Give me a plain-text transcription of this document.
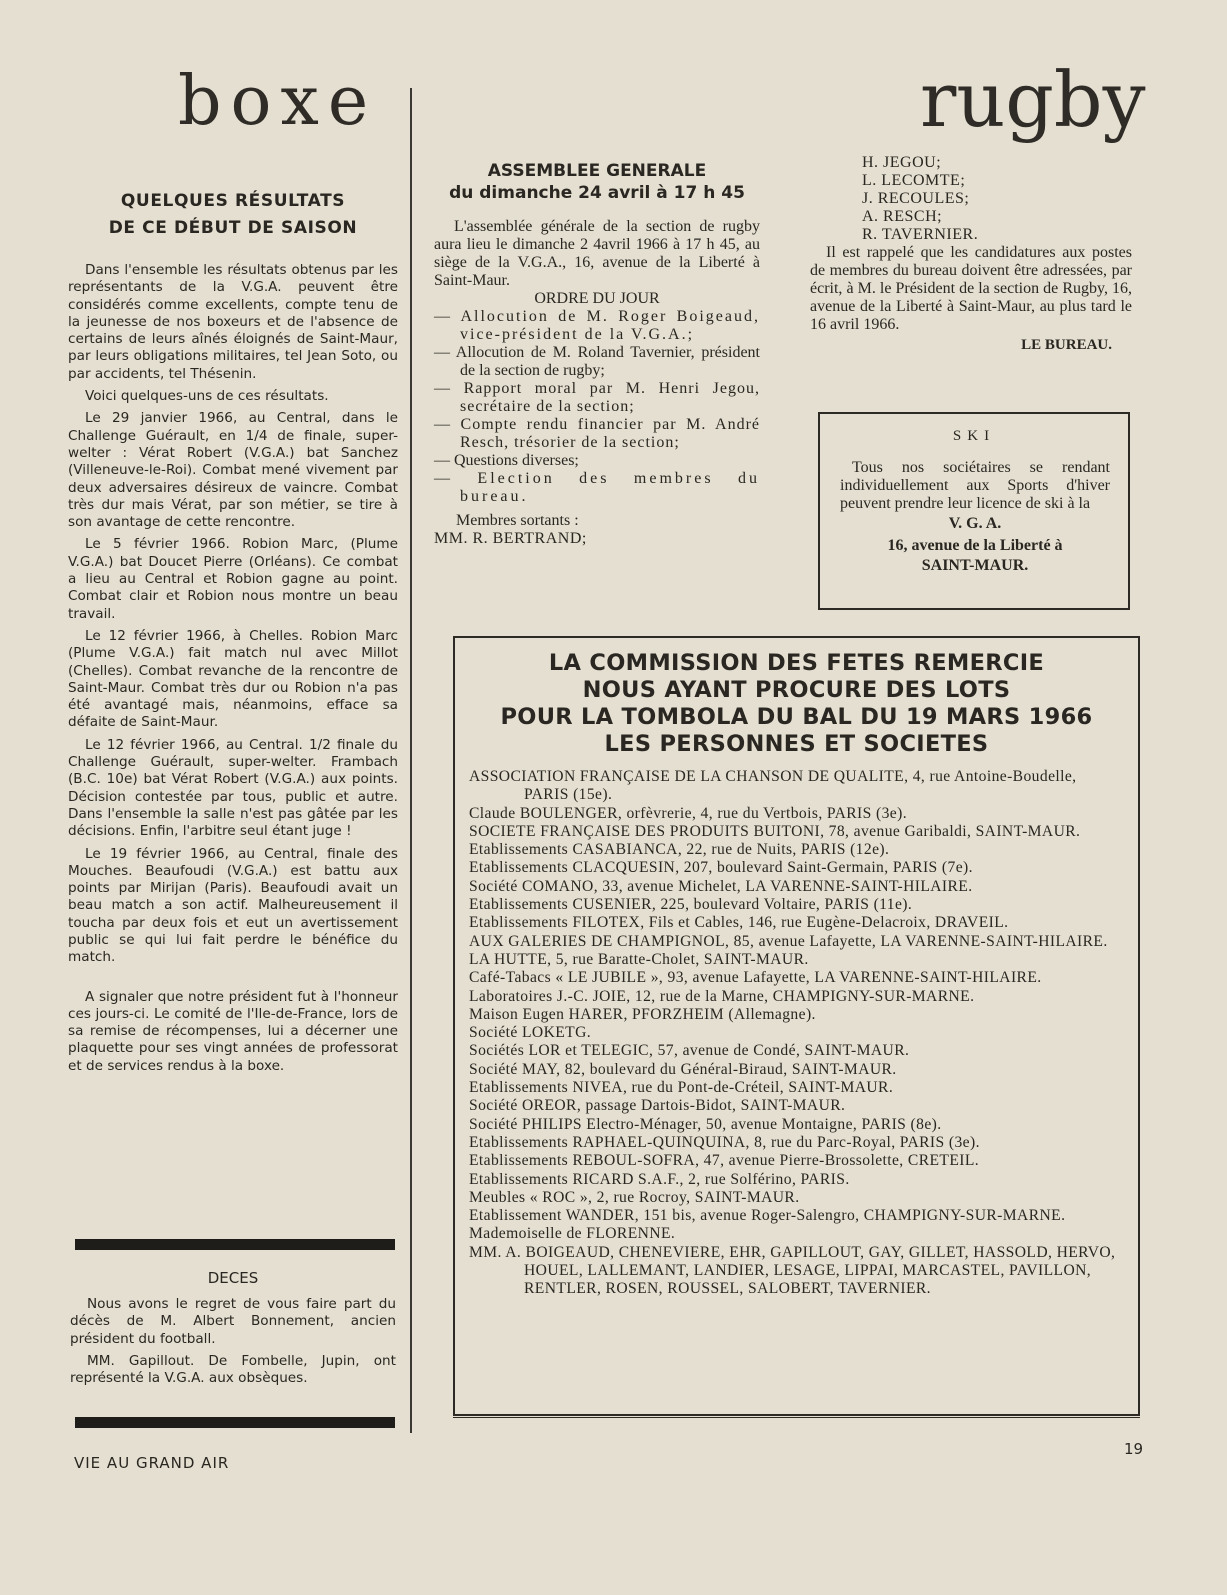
boxe	rugby
QUELQUES RÉSULTATS
DE CE DÉBUT DE SAISON

Dans l'ensemble les résultats obtenus par les représentants de la V.G.A. peuvent être considérés comme excellents, compte tenu de la jeunesse de nos boxeurs et de l'absence de certains de leurs aînés éloignés de Saint-Maur, par leurs obligations militaires, tel Jean Soto, ou par accidents, tel Thésenin.

Voici quelques-uns de ces résultats.

Le 29 janvier 1966, au Central, dans le Challenge Guérault, en 1/4 de finale, super-welter : Vérat Robert (V.G.A.) bat Sanchez (Villeneuve-le-Roi). Combat mené vivement par deux adversaires désireux de vaincre. Combat très dur mais Vérat, par son métier, se tire à son avantage de cette rencontre.

Le 5 février 1966. Robion Marc, (Plume V.G.A.) bat Doucet Pierre (Orléans). Ce combat a lieu au Central et Robion gagne au point. Combat clair et Robion nous montre un beau travail.

Le 12 février 1966, à Chelles. Robion Marc (Plume V.G.A.) fait match nul avec Millot (Chelles). Combat revanche de la rencontre de Saint-Maur. Combat très dur ou Robion n'a pas été avantagé mais, néanmoins, efface sa défaite de Saint-Maur.

Le 12 février 1966, au Central. 1/2 finale du Challenge Guérault, super-welter. Frambach (B.C. 10e) bat Vérat Robert (V.G.A.) aux points. Décision contestée par tous, public et autre. Dans l'ensemble la salle n'est pas gâtée par les décisions. Enfin, l'arbitre seul étant juge !

Le 19 février 1966, au Central, finale des Mouches. Beaufoudi (V.G.A.) est battu aux points par Mirijan (Paris). Beaufoudi avait un beau match a son actif. Malheureusement il toucha par deux fois et eut un avertissement public se qui lui fait perdre le bénéfice du match.

A signaler que notre président fut à l'honneur ces jours-ci. Le comité de l'Ile-de-France, lors de sa remise de récompenses, lui a décerner une plaquette pour ses vingt années de professorat et de services rendus à la boxe.

DECES

Nous avons le regret de vous faire part du décès de M. Albert Bonnement, ancien président du football.

MM. Gapillout. De Fombelle, Jupin, ont représenté la V.G.A. aux obsèques.

VIE AU GRAND AIR
19
ASSEMBLEE GENERALE
du dimanche 24 avril à 17 h 45

L'assemblée générale de la section de rugby aura lieu le dimanche 2 4avril 1966 à 17 h 45, au siège de la V.G.A., 16, avenue de la Liberté à Saint-Maur.

ORDRE DU JOUR
— Allocution de M. Roger Boigeaud, vice-président de la V.G.A.;
— Allocution de M. Roland Tavernier, président de la section de rugby;
— Rapport moral par M. Henri Jegou, secrétaire de la section;
— Compte rendu financier par M. André Resch, trésorier de la section;
— Questions diverses;
— Election des membres du bureau.
Membres sortants :
MM. R. BERTRAND;
H. JEGOU;
L. LECOMTE;
J. RECOULES;
A. RESCH;
R. TAVERNIER.

Il est rappelé que les candidatures aux postes de membres du bureau doivent être adressées, par écrit, à M. le Président de la section de Rugby, 16, avenue de la Liberté à Saint-Maur, au plus tard le 16 avril 1966.

LE BUREAU.
SKI
Tous nos sociétaires se rendant individuellement aux Sports d'hiver peuvent prendre leur licence de ski à la
V. G. A.
16, avenue de la Liberté à
SAINT-MAUR.
LA COMMISSION DES FETES REMERCIE
NOUS AYANT PROCURE DES LOTS
POUR LA TOMBOLA DU BAL DU 19 MARS 1966
LES PERSONNES ET SOCIETES
ASSOCIATION FRANÇAISE DE LA CHANSON DE QUALITE, 4, rue Antoine-Boudelle, PARIS (15e).
Claude BOULENGER, orfèvrerie, 4, rue du Vertbois, PARIS (3e).
SOCIETE FRANÇAISE DES PRODUITS BUITONI, 78, avenue Garibaldi, SAINT-MAUR.
Etablissements CASABIANCA, 22, rue de Nuits, PARIS (12e).
Etablissements CLACQUESIN, 207, boulevard Saint-Germain, PARIS (7e).
Société COMANO, 33, avenue Michelet, LA VARENNE-SAINT-HILAIRE.
Etablissements CUSENIER, 225, boulevard Voltaire, PARIS (11e).
Etablissements FILOTEX, Fils et Cables, 146, rue Eugène-Delacroix, DRAVEIL.
AUX GALERIES DE CHAMPIGNOL, 85, avenue Lafayette, LA VARENNE-SAINT-HILAIRE.
LA HUTTE, 5, rue Baratte-Cholet, SAINT-MAUR.
Café-Tabacs « LE JUBILE », 93, avenue Lafayette, LA VARENNE-SAINT-HILAIRE.
Laboratoires J.-C. JOIE, 12, rue de la Marne, CHAMPIGNY-SUR-MARNE.
Maison Eugen HARER, PFORZHEIM (Allemagne).
Société LOKETG.
Sociétés LOR et TELEGIC, 57, avenue de Condé, SAINT-MAUR.
Société MAY, 82, boulevard du Général-Biraud, SAINT-MAUR.
Etablissements NIVEA, rue du Pont-de-Créteil, SAINT-MAUR.
Société OREOR, passage Dartois-Bidot, SAINT-MAUR.
Société PHILIPS Electro-Ménager, 50, avenue Montaigne, PARIS (8e).
Etablissements RAPHAEL-QUINQUINA, 8, rue du Parc-Royal, PARIS (3e).
Etablissements REBOUL-SOFRA, 47, avenue Pierre-Brossolette, CRETEIL.
Etablissements RICARD S.A.F., 2, rue Solférino, PARIS.
Meubles « ROC », 2, rue Rocroy, SAINT-MAUR.
Etablissement WANDER, 151 bis, avenue Roger-Salengro, CHAMPIGNY-SUR-MARNE.
Mademoiselle de FLORENNE.
MM. A. BOIGEAUD, CHENEVIERE, EHR, GAPILLOUT, GAY, GILLET, HASSOLD, HERVO, HOUEL, LALLEMANT, LANDIER, LESAGE, LIPPAI, MARCASTEL, PAVILLON, RENTLER, ROSEN, ROUSSEL, SALOBERT, TAVERNIER.
